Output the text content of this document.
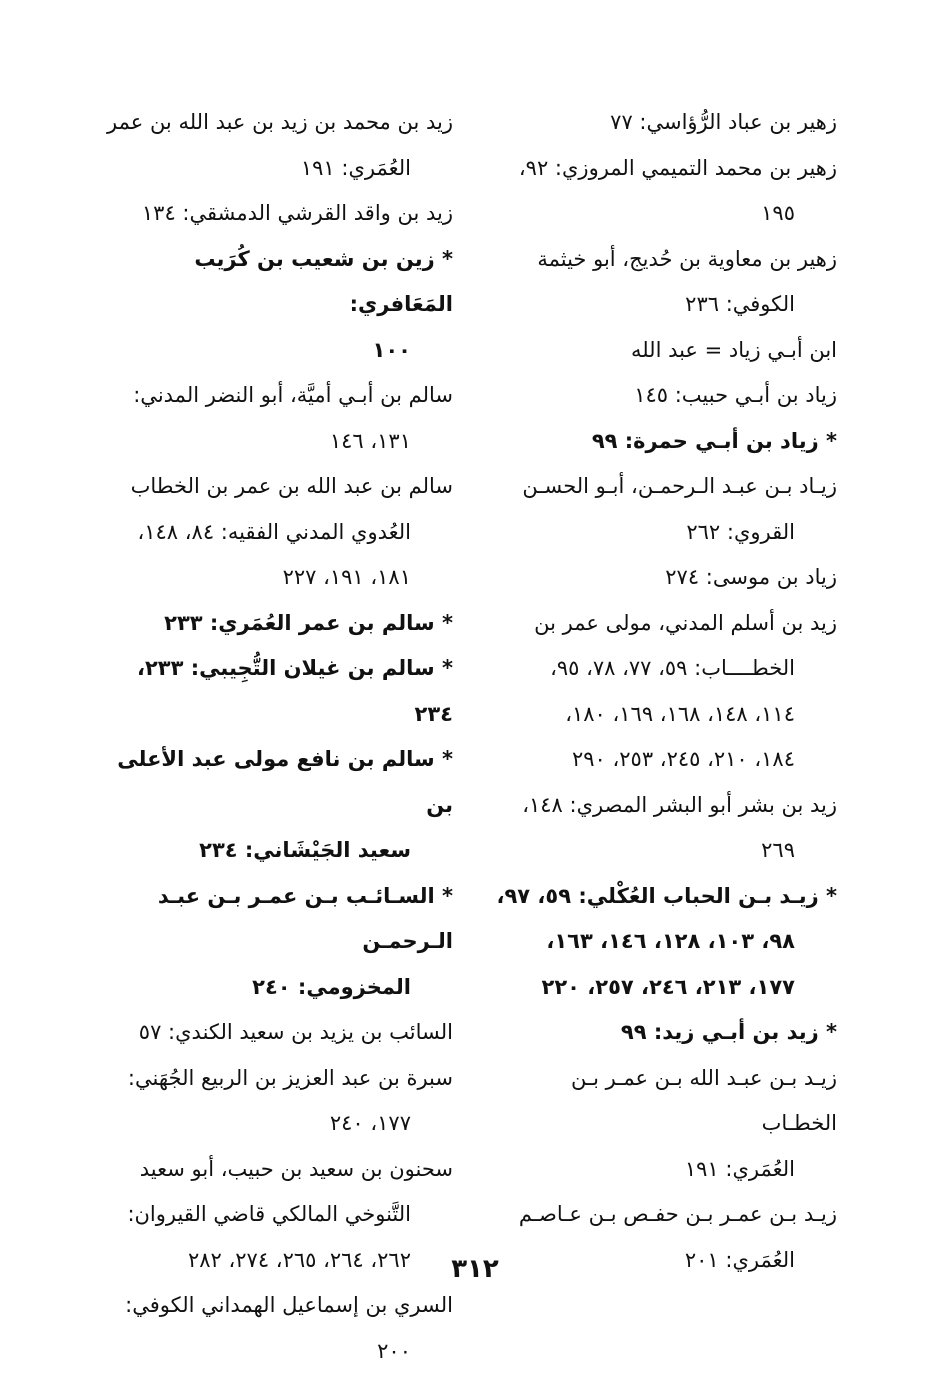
زهير بن عباد الرُّؤاسي: ٧٧
زهير بن محمد التميمي المروزي: ٩٢،
١٩٥
زهير بن معاوية بن حُديج، أبو خيثمة
الكوفي: ٢٣٦
ابن أبـي زياد = عبد الله
زياد بن أبـي حبيب: ١٤٥
* زياد بن أبـي حمرة: ٩٩
زيـاد بـن عبـد الـرحمـن، أبـو الحسـن
القروي: ٢٦٢
زياد بن موسى: ٢٧٤
زيد بن أسلم المدني، مولى عمر بن
الخطــــاب: ٥٩، ٧٧، ٧٨، ٩٥،
١١٤، ١٤٨، ١٦٨، ١٦٩، ١٨٠،
١٨٤، ٢١٠، ٢٤٥، ٢٥٣، ٢٩٠
زيد بن بشر أبو البشر المصري: ١٤٨،
٢٦٩
* زيـد بـن الحباب العُكْلي: ٥٩، ٩٧،
٩٨، ١٠٣، ١٢٨، ١٤٦، ١٦٣،
١٧٧، ٢١٣، ٢٤٦، ٢٥٧، ٢٢٠
* زيد بن أبـي زيد: ٩٩
زيـد بـن عبـد الله بـن عمـر بـن الخطـاب
العُمَري: ١٩١
زيـد بـن عمـر بـن حفـص بـن عـاصـم
العُمَري: ٢٠١
زيد بن محمد بن زيد بن عبد الله بن عمر
العُمَري: ١٩١
زيد بن واقد القرشي الدمشقي: ١٣٤
* زين بن شعيب بن كُرَيب المَعَافري:
١٠٠
سالم بن أبـي أميَّة، أبو النضر المدني:
١٣١، ١٤٦
سالم بن عبد الله بن عمر بن الخطاب
العُدوي المدني الفقيه: ٨٤، ١٤٨،
١٨١، ١٩١، ٢٢٧
* سالم بن عمر العُمَري: ٢٣٣
* سالم بن غيلان التُّجِيبي: ٢٣٣، ٢٣٤
* سالم بن نافع مولى عبد الأعلى بن
سعيد الجَيْشَاني: ٢٣٤
* السـائـب بـن عمـر بـن عبـد الـرحمـن
المخزومي: ٢٤٠
السائب بن يزيد بن سعيد الكندي: ٥٧
سبرة بن عبد العزيز بن الربيع الجُهَني:
١٧٧، ٢٤٠
سحنون بن سعيد بن حبيب، أبو سعيد
التَّنوخي المالكي قاضي القيروان:
٢٦٢، ٢٦٤، ٢٦٥، ٢٧٤، ٢٨٢
السري بن إسماعيل الهمداني الكوفي:
٢٠٠
٣١٢
